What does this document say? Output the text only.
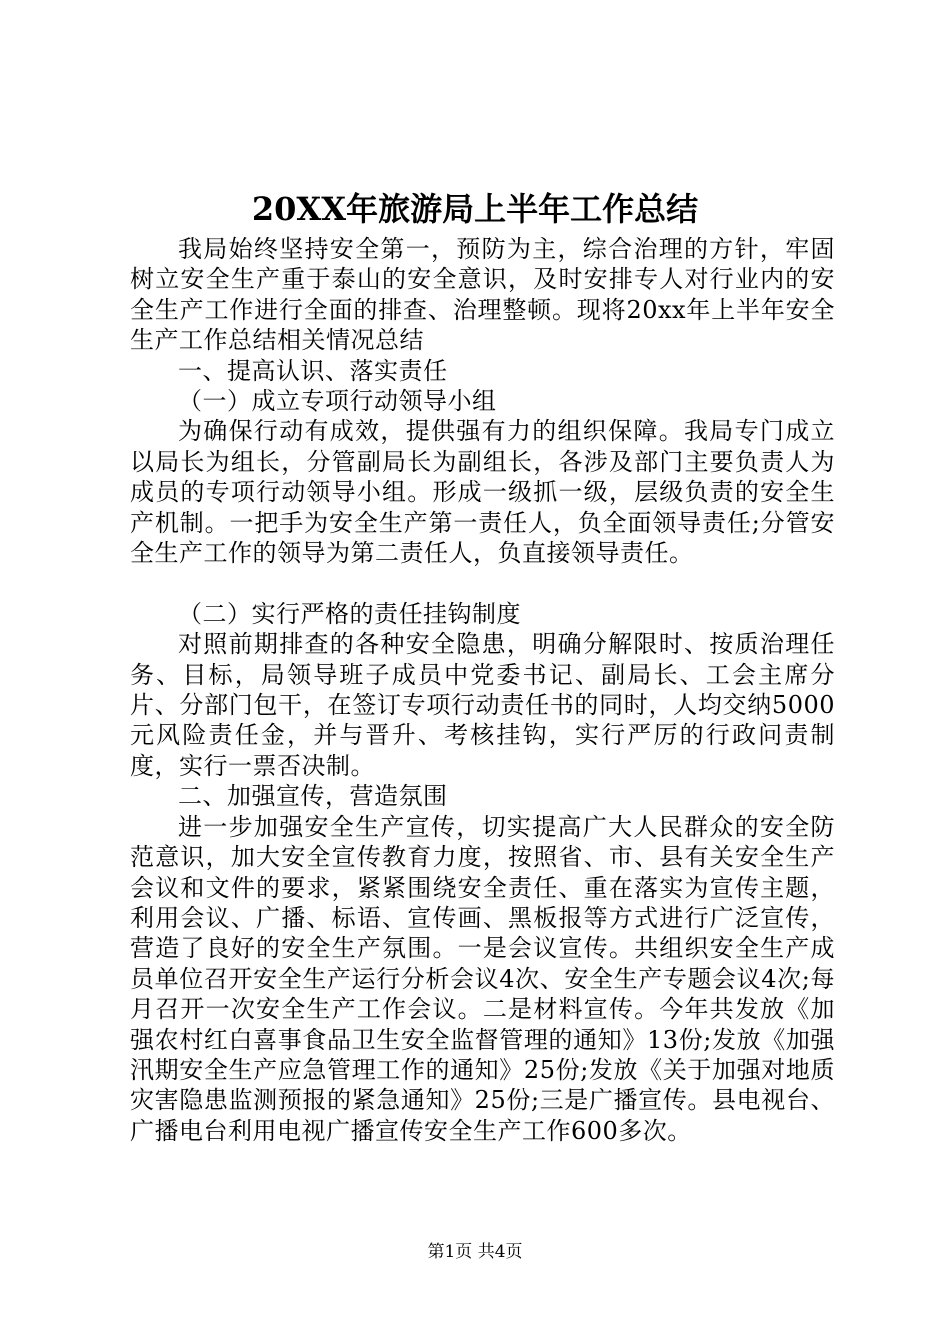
20XX年旅游局上半年工作总结

我局始终坚持安全第一，预防为主，综合治理的方针，牢固树立安全生产重于泰山的安全意识，及时安排专人对行业内的安全生产工作进行全面的排查、治理整顿。现将20xx年上半年安全生产工作总结相关情况总结

一、提高认识、落实责任

（一）成立专项行动领导小组

为确保行动有成效，提供强有力的组织保障。我局专门成立以局长为组长，分管副局长为副组长，各涉及部门主要负责人为成员的专项行动领导小组。形成一级抓一级，层级负责的安全生产机制。一把手为安全生产第一责任人，负全面领导责任;分管安全生产工作的领导为第二责任人，负直接领导责任。

（二）实行严格的责任挂钩制度

对照前期排查的各种安全隐患，明确分解限时、按质治理任务、目标，局领导班子成员中党委书记、副局长、工会主席分片、分部门包干，在签订专项行动责任书的同时，人均交纳5000元风险责任金，并与晋升、考核挂钩，实行严厉的行政问责制度，实行一票否决制。

二、加强宣传，营造氛围

进一步加强安全生产宣传，切实提高广大人民群众的安全防范意识，加大安全宣传教育力度，按照省、市、县有关安全生产会议和文件的要求，紧紧围绕安全责任、重在落实为宣传主题，利用会议、广播、标语、宣传画、黑板报等方式进行广泛宣传，营造了良好的安全生产氛围。一是会议宣传。共组织安全生产成员单位召开安全生产运行分析会议4次、安全生产专题会议4次;每月召开一次安全生产工作会议。二是材料宣传。今年共发放《加强农村红白喜事食品卫生安全监督管理的通知》13份;发放《加强汛期安全生产应急管理工作的通知》25份;发放《关于加强对地质灾害隐患监测预报的紧急通知》25份;三是广播宣传。县电视台、广播电台利用电视广播宣传安全生产工作600多次。

第1页 共4页
